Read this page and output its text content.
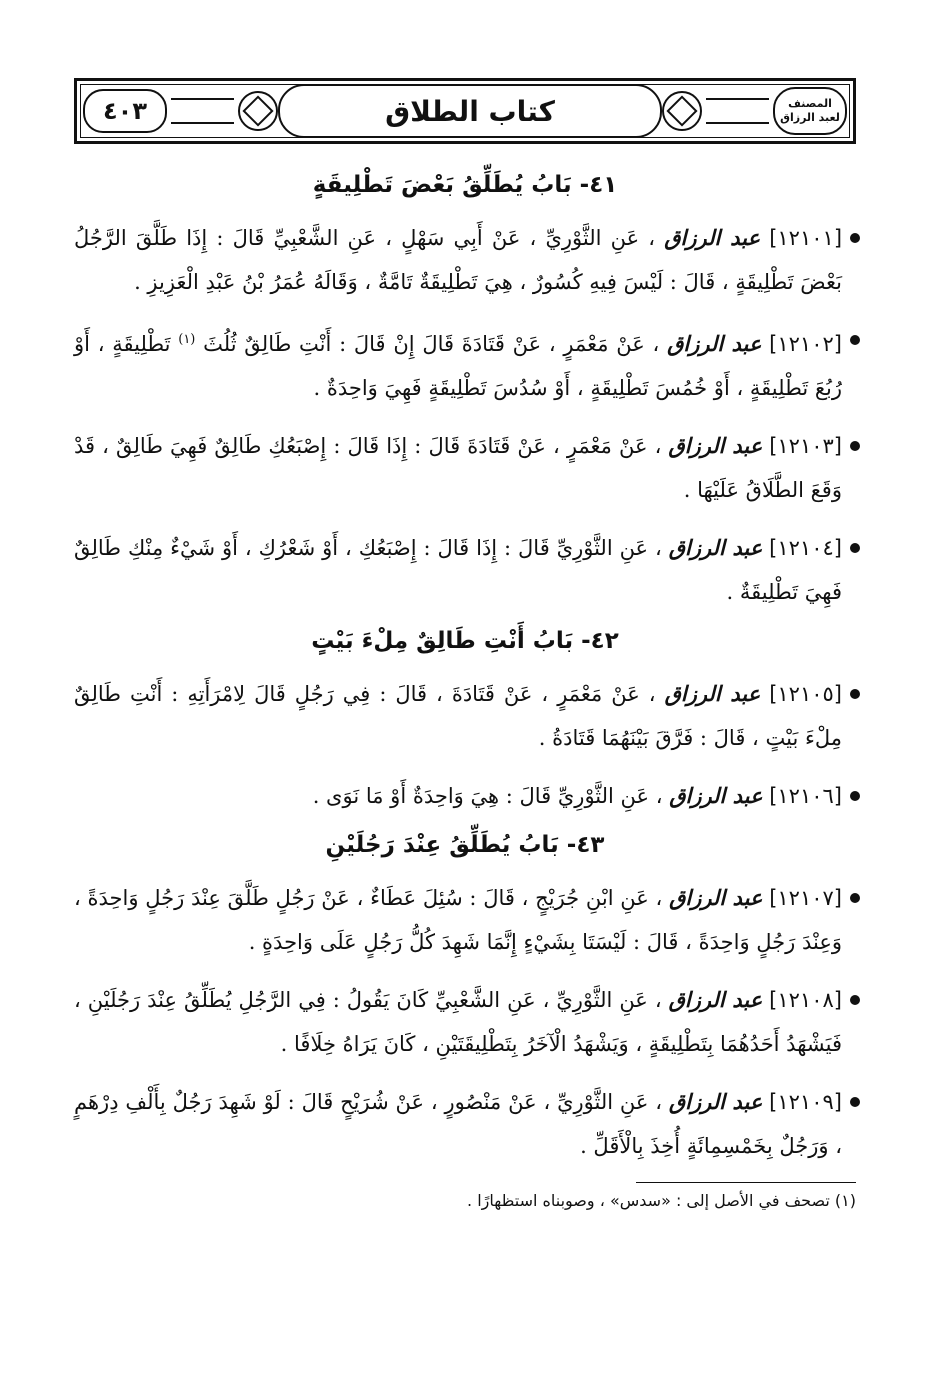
المصنف
لعبد الرزاق
كتاب الطلاق
٤٠٣
٤١- بَابُ يُطَلِّقُ بَعْضَ تَطْلِيقَةٍ

[١٢١٠١] عبد الرزاق ، عَنِ الثَّوْرِيِّ ، عَنْ أَبِي سَهْلٍ ، عَنِ الشَّعْبِيِّ قَالَ : إِذَا طَلَّقَ الرَّجُلُ بَعْضَ تَطْلِيقَةٍ ، قَالَ : لَيْسَ فِيهِ كُسُورٌ ، هِيَ تَطْلِيقَةٌ تَامَّةٌ ، وَقَالَهُ عُمَرُ بْنُ عَبْدِ الْعَزِيزِ .

[١٢١٠٢] عبد الرزاق ، عَنْ مَعْمَرٍ ، عَنْ قَتَادَةَ قَالَ إِنْ قَالَ : أَنْتِ طَالِقٌ ثُلُثَ $^{(١)}$ تَطْلِيقَةٍ ، أَوْ رُبُعَ تَطْلِيقَةٍ ، أَوْ خُمُسَ تَطْلِيقَةٍ ، أَوْ سُدُسَ تَطْلِيقَةٍ فَهِيَ وَاحِدَةٌ .

[١٢١٠٣] عبد الرزاق ، عَنْ مَعْمَرٍ ، عَنْ قَتَادَةَ قَالَ : إِذَا قَالَ : إِصْبَعُكِ طَالِقٌ فَهِيَ طَالِقٌ ، قَدْ وَقَعَ الطَّلَاقُ عَلَيْهَا .

[١٢١٠٤] عبد الرزاق ، عَنِ الثَّوْرِيِّ قَالَ : إِذَا قَالَ : إِصْبَعُكِ ، أَوْ شَعْرُكِ ، أَوْ شَيْءٌ مِنْكِ طَالِقٌ فَهِيَ تَطْلِيقَةٌ .

٤٢- بَابُ أَنْتِ طَالِقٌ مِلْءَ بَيْتٍ

[١٢١٠٥] عبد الرزاق ، عَنْ مَعْمَرٍ ، عَنْ قَتَادَةَ ، قَالَ : فِي رَجُلٍ قَالَ لِامْرَأَتِهِ : أَنْتِ طَالِقٌ مِلْءَ بَيْتٍ ، قَالَ : فَرَّقَ بَيْنَهُمَا قَتَادَةُ .

[١٢١٠٦] عبد الرزاق ، عَنِ الثَّوْرِيِّ قَالَ : هِيَ وَاحِدَةٌ أَوْ مَا نَوَى .

٤٣- بَابُ يُطَلِّقُ عِنْدَ رَجُلَيْنِ

[١٢١٠٧] عبد الرزاق ، عَنِ ابْنِ جُرَيْجٍ ، قَالَ : سُئِلَ عَطَاءٌ ، عَنْ رَجُلٍ طَلَّقَ عِنْدَ رَجُلٍ وَاحِدَةً ، وَعِنْدَ رَجُلٍ وَاحِدَةً ، قَالَ : لَيْسَتَا بِشَيْءٍ إِنَّمَا شَهِدَ كُلُّ رَجُلٍ عَلَى وَاحِدَةٍ .

[١٢١٠٨] عبد الرزاق ، عَنِ الثَّوْرِيِّ ، عَنِ الشَّعْبِيِّ كَانَ يَقُولُ : فِي الرَّجُلِ يُطَلِّقُ عِنْدَ رَجُلَيْنِ ، فَيَشْهَدُ أَحَدُهُمَا بِتَطْلِيقَةٍ ، وَيَشْهَدُ الْآخَرُ بِتَطْلِيقَتَيْنِ ، كَانَ يَرَاهُ خِلَافًا .

[١٢١٠٩] عبد الرزاق ، عَنِ الثَّوْرِيِّ ، عَنْ مَنْصُورٍ ، عَنْ شُرَيْحٍ قَالَ : لَوْ شَهِدَ رَجُلٌ بِأَلْفِ دِرْهَمٍ ، وَرَجُلٌ بِخَمْسِمِائَةٍ أُخِذَ بِالْأَقَلِّ .

(١) تصحف في الأصل إلى : «سدس» ، وصوبناه استظهارًا .
